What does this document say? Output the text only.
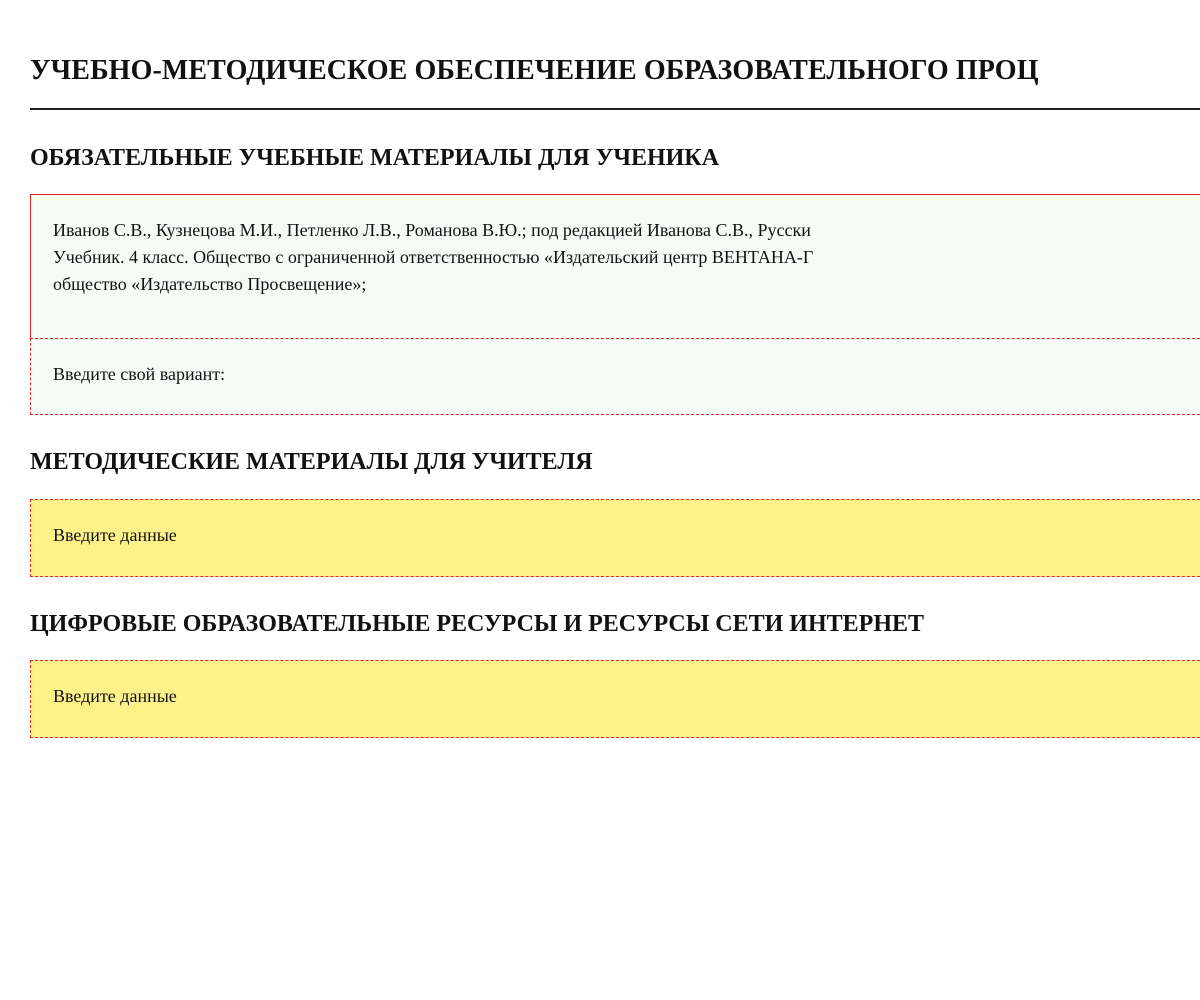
УЧЕБНО-МЕТОДИЧЕСКОЕ ОБЕСПЕЧЕНИЕ ОБРАЗОВАТЕЛЬНОГО ПРОЦ
ОБЯЗАТЕЛЬНЫЕ УЧЕБНЫЕ МАТЕРИАЛЫ ДЛЯ УЧЕНИКА
Иванов С.В., Кузнецова М.И., Петленко Л.В., Романова В.Ю.; под редакцией Иванова С.В., Русски
Учебник. 4 класс. Общество с ограниченной ответственностью «Издательский центр ВЕНТАНА-Г
общество «Издательство Просвещение»;
Введите свой вариант:
МЕТОДИЧЕСКИЕ МАТЕРИАЛЫ ДЛЯ УЧИТЕЛЯ
Введите данные
ЦИФРОВЫЕ ОБРАЗОВАТЕЛЬНЫЕ РЕСУРСЫ И РЕСУРСЫ СЕТИ ИНТЕРНЕТ
Введите данные
